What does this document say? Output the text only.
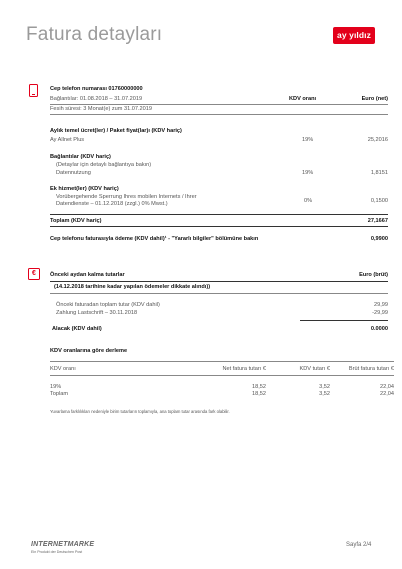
Fatura detayları	ay yıldız
Cep telefon numarası 01760000000
Bağlantılar: 01.08.2018 – 31.07.2019	KDV oranı	Euro (net)
Fesih süresi: 3 Monat(e) zum 31.07.2019
Aylık temel ücret(ler) / Paket fiyat(lar)ı (KDV hariç)
Ay Allnet Plus	19%	25,2016
Bağlantılar (KDV hariç)
(Detaylar için detaylı bağlantıya bakın)
Datennutzung	19%	1,8151
Ek hizmet(ler) (KDV hariç)
Vorübergehende Sperrung Ihres mobilen Internets / Ihrer
Datendienste – 01.12.2018 (zzgl.) 0% Mwst.)	0%	0,1500
Toplam (KDV hariç)	27,1667
Cep telefonu faturasıyla ödeme (KDV dahil)¹ - "Yararlı bilgiler" bölümüne bakın	0,9900
€	Önceki aydan kalma tutarlar	Euro (brüt)
(14.12.2018 tarihine kadar yapılan ödemeler dikkate alındı))
Önceki faturadan toplam tutar (KDV dahil)	29,99
Zahlung Lastschrift – 30.11.2018	-29,99
Alacak (KDV dahil)	0.0000
KDV oranlarına göre derleme
KDV oranı	Net fatura tutarı €	KDV tutarı €	Brüt fatura tutarı €
19%	18,52	3,52	22,04
Toplam	18,52	3,52	22,04
Yuvarlama farklılıkları nedeniyle birim tutarların toplamıyla, ana toplam tutar arasında fark olabilir.
INTERNETMARKE
Ein Produkt der Deutschen Post
Sayfa 2/4
